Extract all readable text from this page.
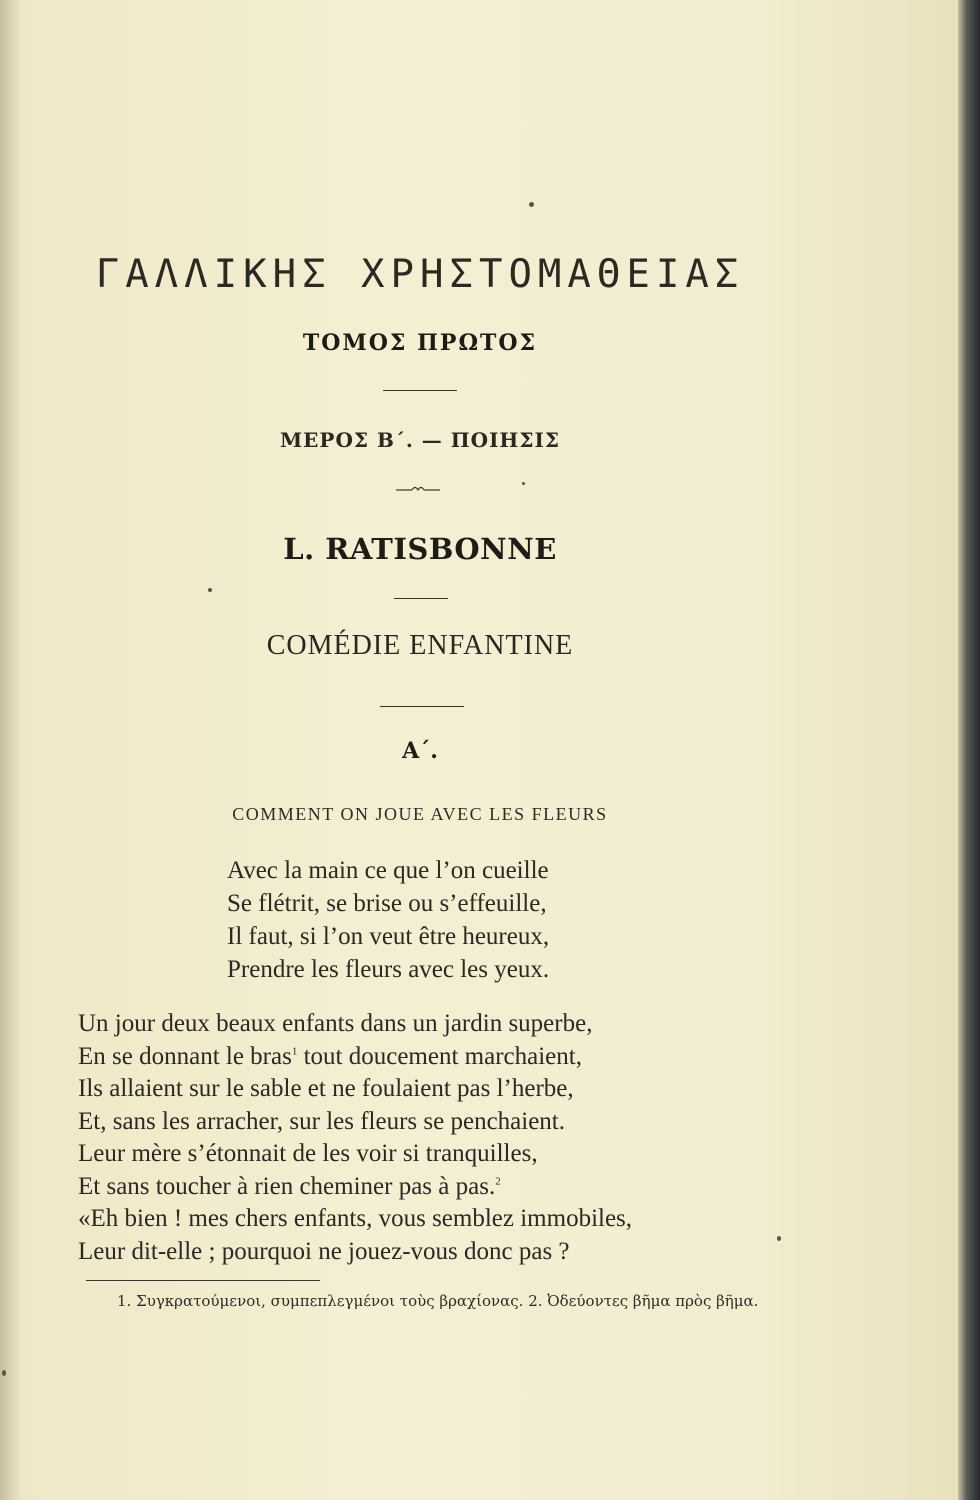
ΓΑΛΛΙΚΗΣ ΧΡΗΣΤΟΜΑΘΕΙΑΣ
ΤΟΜΟΣ ΠΡΩΤΟΣ
ΜΕΡΟΣ Β΄. — ΠΟΙΗΣΙΣ
L. RATISBONNE
COMÉDIE ENFANTINE
Α΄.
COMMENT ON JOUE AVEC LES FLEURS
Avec la main ce que l’on cueille
Se flétrit, se brise ou s’effeuille,
Il faut, si l’on veut être heureux,
Prendre les fleurs avec les yeux.
Un jour deux beaux enfants dans un jardin superbe,
En se donnant le bras$^1$ tout doucement marchaient,
Ils allaient sur le sable et ne foulaient pas l’herbe,
Et, sans les arracher, sur les fleurs se penchaient.
Leur mère s’étonnait de les voir si tranquilles,
Et sans toucher à rien cheminer pas à pas.$^2$
«Eh bien ! mes chers enfants, vous semblez immobiles,
Leur dit-elle ; pourquoi ne jouez-vous donc pas ?
1. Συγκρατούμενοι, συμπεπλεγμένοι τοὺς βραχίονας. 2. Ὀδεύοντες βῆμα πρὸς βῆμα.
